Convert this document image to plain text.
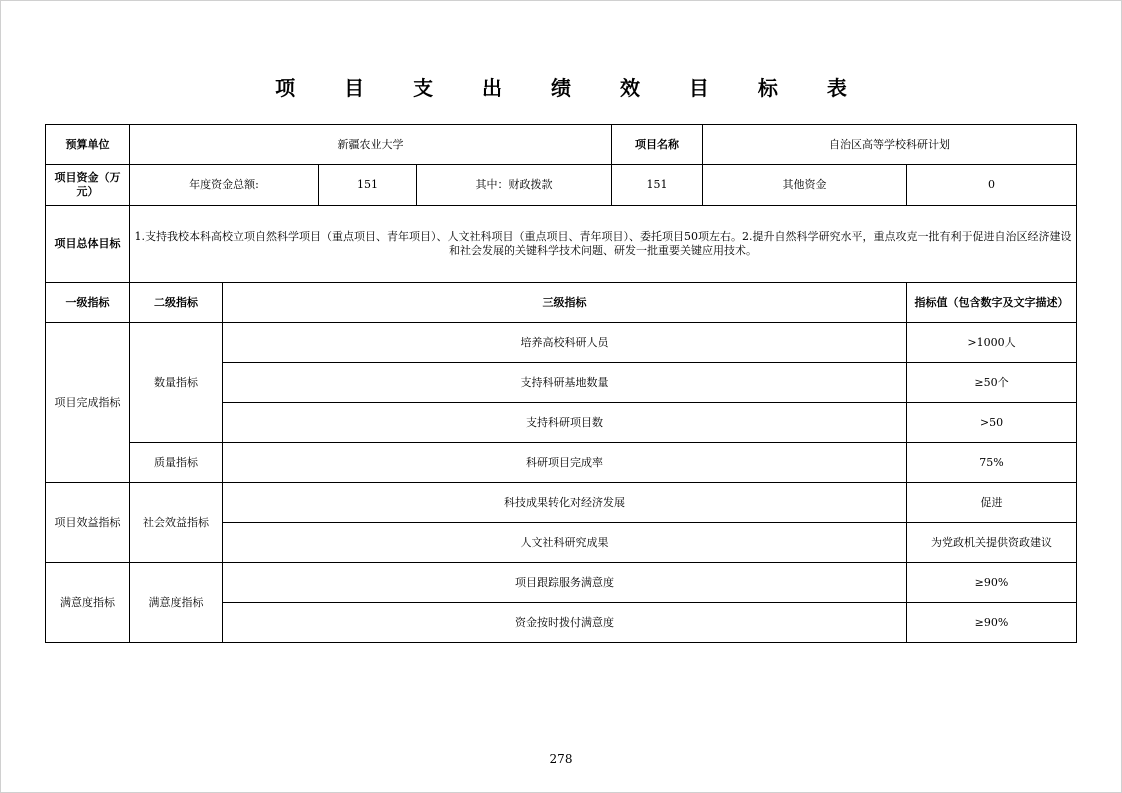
项 目 支 出 绩 效 目 标 表
预算单位	新疆农业大学				项目名称	自治区高等学校科研计划	
项目资金（万元）	年度资金总额:		151	其中：财政拨款	151	其他资金	0
项目总体目标	1.支持我校本科高校立项自然科学项目（重点项目、青年项目）、人文社科项目（重点项目、青年项目）、委托项目50项左右。2.提升自然科学研究水平，重点攻克一批有利于促进自治区经济建设和社会发展的关键科学技术问题、研发一批重要关键应用技术。						
一级指标	二级指标	三级指标					指标值（包含数字及文字描述）
项目完成指标	数量指标	培养高校科研人员					>1000人
		支持科研基地数量					≥50个
		支持科研项目数					>50
	质量指标	科研项目完成率					75%
项目效益指标	社会效益指标	科技成果转化对经济发展					促进
		人文社科研究成果					为党政机关提供资政建议
满意度指标	满意度指标	项目跟踪服务满意度					≥90%
		资金按时拨付满意度					≥90%
278
